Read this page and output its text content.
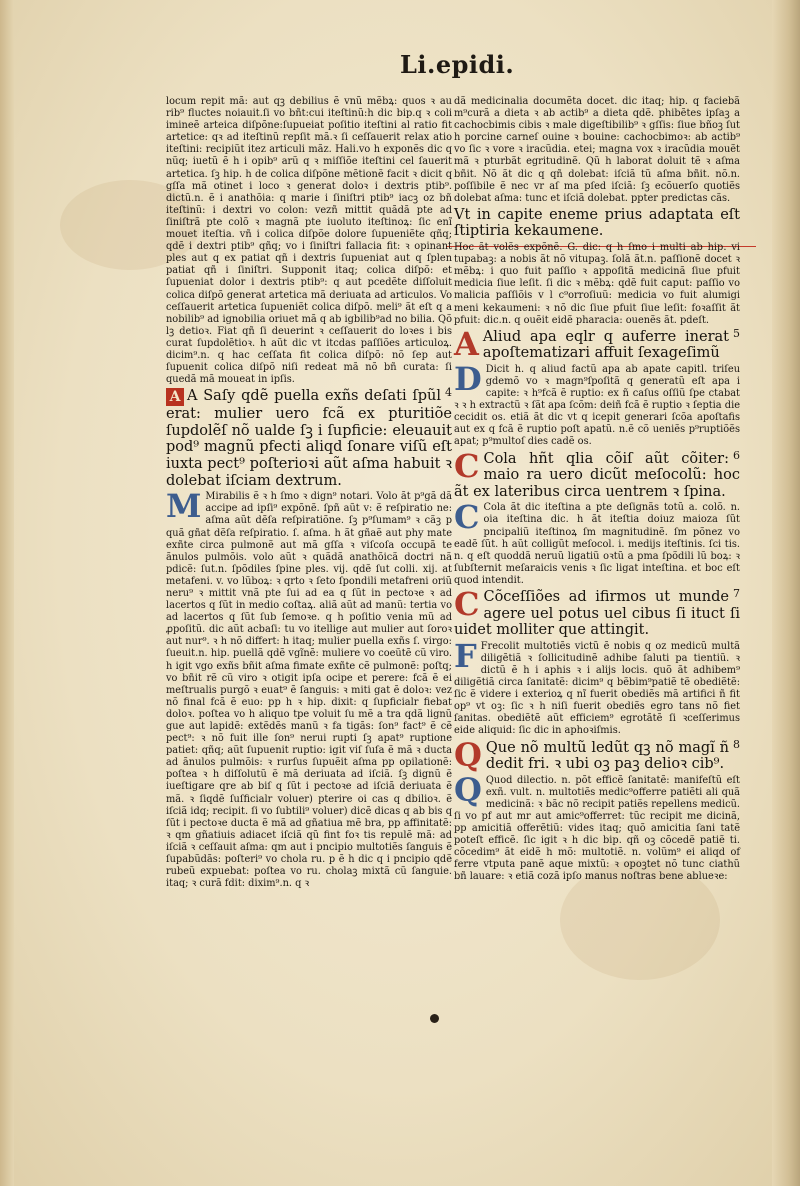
Li.epidi.

locum repit mã: aut qꝫ debilius ẽ vnũ mẽbꝝ: quos ꝛ au rib⁹ fluctes noiauit.ſi vo bñt:cui iteſtinũ:h dic bip.q ꝛ coli imineẽ arteica diſpõne:ſupueiat poſitio iteſtini al ratio fit artetice: qꝛ ad iteſtinũ repſit mã.ꝛ ſi ceſſauerit relax atio iteſtini: recipiũt itez articuli mãz. Hali.vo h exponẽs dic q nũq; iuetũ ẽ h i opib⁹ arũ q ꝛ miſſiõe iteſtini cel ſauerit artetica. ſꝫ hip. h de colica diſpõne mẽtionẽ facit ꝛ dicit q gſſa mã otinet i loco ꝛ generat doloꝛ i dextris ptib⁹. dictũ.n. ẽ i anathõia: q marie i ſiniſtri ptib⁹ iacꝫ oz bñ iteſtinũ: i dextri vo colon: vezñ mittit quãdã pte ad ſiniſtrã pte colõ ꝛ magnã pte iuoluto iteſtinoꝝ: ſic enĩ mouet iteſtia. vñ i colica diſpõe dolore ſupueniẽte qñq; qdẽ i dextri ptib⁹ qñq; vo i ſiniſtri fallacia fit: ꝛ opinant ples aut q ex patiat qñ i dextris ſupueniat aut q ſplen patiat qñ i ſiniſtri. Supponit itaq; colica diſpõ: et ſupueniat dolor i dextris ptib⁹: q aut pcedẽte diſſoluit colica diſpõ generat artetica mã deriuata ad articulos. Vo ceſſauerit artetica ſupueniẽt colica diſpõ. meli⁹ ãt eſt q a nobilib⁹ ad ignobilia oriuet mã q ab igbilib⁹ad no bilia. Qõ lꝫ detioꝛ. Fiat qñ ſi deuerint ꝛ ceſſauerit do loꝛes i bis curat ſupdolẽtioꝛ. h aũt dic vt itcdas paſſiões articuloꝝ. dicim⁹.n. q hac ceſſata fit colica diſpõ: nõ ſep aut ſupuenit colica diſpõ niſi redeat mã nõ bñ curata: ſi quedã mã moueat in ipſis.

4

A A Saſy qdẽ puella exñs deſati ſpũl erat: mulier uero fcã ex pturitiõe ſupdolẽſ nõ ualde ſꝫ i ſupficie: eleuauit pod⁹ magnũ pfecti aliqd ſonare viſũ eſt iuxta pect⁹ poſterioꝛi aũt aſma habuit ꝛ dolebat iſciam dextrum.

M Mirabilis ẽ ꝛ h ſmo ꝛ dign⁹ notari. Volo ãt p⁹gã dã accipe ad ipſi⁹ expõnẽ. ſpñ aũt v: ẽ reſpiratio ne: aſma aũt dẽſa reſpiratiõne. ſꝫ p⁹ſumam⁹ ꝛ cãꝫ p quã gñat dẽſa reſpiratio. ſ. aſma. h ãt gñaẽ aut phy mate exñte circa pulmonẽ aut mã gſſa ꝛ viſcoſa occupã te ãnulos pulmõis. volo aũt ꝛ quãdã anathõicã doctri nã pdicẽ: ſut.n. ſpõdiles ſpine ples. vij. qdẽ ſut colli. xij. at metafeni. v. vo lũboꝝ: ꝛ qrto ꝛ ſeto ſpondili metafreni oriũ neru⁹ ꝛ mittit vnã pte ſui ad ea q ſũt in pectoꝛe ꝛ ad lacertos q ſũt in medio coſtaꝝ. aliã aũt ad manũ: tertia vo ad lacertos q ſũt ſub ſemoꝛe. q h poſitio venia mũ ad ꝓpoſitũ. dic aũt acbaſi: tu vo itellige aut mulier aut ſoroꝛ aut nur⁹. ꝛ h nõ differt: h itaq; mulier puella exñs ſ. virgo: ſueuit.n. hip. puellã qdẽ vgĩnẽ: muliere vo coeũtẽ cũ viro. h igit vgo exñs bñit aſma fimate exñte cẽ pulmonẽ: poſtq; vo bñit rẽ cũ viro ꝛ otigit ipſa ocipe et perere: fcã ẽ ei meſtrualis purgõ ꝛ euat⁹ ẽ ſanguis: ꝛ miti gat ẽ doloꝛ: vez nõ final fcã ẽ euo: pp h ꝛ hip. dixit: q ſupficialr fiebat doloꝛ. poſtea vo h aliquo tpe voluit ſu mẽ a tra qdã lignũ gue aut lapidẽ: extẽdẽs manũ ꝛ fa tigãs: ſon⁹ fact⁹ ẽ cẽ pect⁹: ꝛ nõ fuit ille ſon⁹ nerui rupti ſꝫ apat⁹ ruptione patiet: qñq; aũt ſupuenit ruptio: igit viſ ſuſa ẽ mã ꝛ ducta ad ãnulos pulmõis: ꝛ rurſus ſupuẽit aſma pp opilationẽ: poſtea ꝛ h diſſolutũ ẽ mã deriuata ad iſciã. ſꝫ dignũ ẽ iueſtigare qre ab biſ q ſũt i pectoꝛe ad iſciã deriuata ẽ mã. ꝛ ſiqdẽ ſuſficialr voluer) pterire oi cas q dbilioꝛ. ẽ iſciã idq; recipit. ſi vo ſubtili⁹ voluer) dicẽ dicas q ab bis q ſũt i pectoꝛe ducta ẽ mã ad gñatiua mẽ bra, pp affinitatẽ: ꝛ qm gñatiuis adiacet iſciã qũ fint foꝛ tis repulẽ mã: ad iſciã ꝛ ceſſauit aſma: qm aut i pncipio multotiẽs ſanguis ẽ ſupabũdãs: poſteri⁹ vo chola ru. p ẽ h dic q i pncipio qdẽ rubeũ expuebat: poſtea vo ru. cholaꝫ mixtã cũ ſanguie. itaq; ꝛ curã fdit: dixim⁹.n. q ꝛ

dã medicinalia documẽta docet. dic itaq; hip. q faciebã m⁹curã a dieta ꝛ ab actib⁹ a dieta qdẽ. phibẽtes ipſaꝫ a cachocbimis cibis ꝛ male digeſtibilib⁹ ꝛ gſſis: ſiue bñoꝫ ſut h porcine carneſ ouine ꝛ bouine: cachocbimoꝛ: ab actib⁹ vo ſic ꝛ vore ꝛ iracũdia. etei; magna vox ꝛ iracũdia mouẽt mã ꝛ pturbãt egritudinẽ. Qũ h laborat doluit tẽ ꝛ aſma bñit. Nõ ãt dic q qñ dolebat: iſciã tũ aſma bñit. nõ.n. poſſibile ẽ nec vr aſ ma pſed iſciã: ſꝫ ecõuerſo quotiẽs dolebat aſma: tunc et iſciã dolebat. ppter predictas cãs.

Vt in capite eneme prius adaptata eſt ſtiptiria kekaumene.

Hoc ãt volẽs expõnẽ. G. dic: q h ſmo i multi ab hip. vi tupabaꝫ: a nobis ãt nõ vitupaꝫ. ſolã ãt.n. paſſionẽ docet ꝛ mẽbꝝ: i quo fuit paſſio ꝛ appoſitã medicinã ſiue pfuit medicia ſiue leſit. ſi dic ꝛ mẽbꝝ: qdẽ fuit caput: paſſio vo malicia paſſiõis v l c⁹orroſiuũ: medicia vo fuit alumigi meni kekaumeni: ꝛ nõ dic ſiue pfuit ſiue leſit: foꝛaſſit ãt pfuit: dic.n. q ouẽit eidẽ pharacia: ouenẽs ãt. pdeſt.

5

A Aliud apa eqlr q auferre inerat apoſtematizari affuit ſexageſimũ

D Dicit h. q aliud factũ apa ab apate capitl. triſeu gdemõ vo ꝛ magn⁹ſpoſitã q generatũ eſt apa i capite: ꝛ h⁹fcã ẽ ruptio: ex ñ caſus oſſiũ ſpe ctabat ꝛ ꝛ h extractũ ꝛ ſãt apa ſcõm: deiñ fcã ẽ ruptio ꝛ ſeptia die cecidit os. etiã ãt dic vt q icepit generari ſcõa apoſtafis aut ex q fcã ẽ ruptio poſt apatũ. n.ẽ cõ ueniẽs p⁹ruptiõẽs apat; p⁹multoſ dies cadẽ os.

6

C Cola hñt qlia cõiſ aũt cõiter: maio ra uero dicũt meſocolũ: hoc ãt ex lateribus circa uentrem ꝛ ſpina.

C Cola ãt dic iteſtina a pte deſignãs totũ a. colõ. n. oia iteſtina dic. h ãt iteſtia doiuz maioza ſũt pncipaliũ iteſtinoꝝ ſm magnitudinẽ. ſm põnez vo eadẽ ſũt. h aũt colligũt meſocol. i. medijs iteſtinis. ſci tis. n. q eſt quoddã neruũ ligatiũ oꝛtũ a pma ſpõdili lũ boꝝ: ꝛ ſubſternit meſaraicis venis ꝛ ſic ligat inteſtina. et boc eſt quod intendit.

7

C Cõceſſiões ad ifirmos ut munde agere uel potus uel cibus ſi ituct ſi uidet molliter que attingit.

F Frecolit multotiẽs victũ ẽ nobis q oz medicũ multã diligẽtiã ꝛ ſollicitudinẽ adhibe ſaluti pa tientiũ. ꝛ dictũ ẽ h i aphis ꝛ i alijs locis. quõ ãt adhibem⁹ diligẽtiã circa ſanitatẽ: dicim⁹ q bẽbim⁹patiẽ tẽ obediẽtẽ: ſic ẽ videre i exterioꝝ q nĩ fuerit obediẽs mã artifici ñ fit op⁹ vt oꝫ: ſic ꝛ h niſi fuerit obediẽs egro tans nõ fiet ſanitas. obediẽtẽ aũt efficiem⁹ egrotãtẽ ſi ꝛceſſerimus eide aliquid: ſic dic in aphoꝛiſmis.

8

Q Que nõ multũ ledũt qꝫ nõ magĩ ñ dedit fri. ꝛ ubi oꝫ paꝫ delioꝛ cib⁹.

Q Quod dilectio. n. põt efficẽ ſanitatẽ: manifeſtũ eſt exñ. vult. n. multotiẽs medic⁹offerre patiẽti ali quã medicinã: ꝛ bãc nõ recipit patiẽs repellens medicũ. ſi vo pf aut mr aut amic⁹offerret: tũc recipit me dicinã, pp amicitiã offerẽtiũ: vides itaq; quõ amicitia ſani tatẽ poteſt efficẽ. ſic igit ꝛ h dic bip. qñ oꝫ cõcedẽ patiẽ ti. cõcedim⁹ ãt eidẽ h mõ: multotiẽ. n. volũm⁹ ei aliqd of ferre vtputa panẽ aque mixtũ: ꝛ opoꝫtet nõ tunc ciathũ bñ lauare: ꝛ etiã cozã ipſo manus noſtras bene ablueꝛe:
